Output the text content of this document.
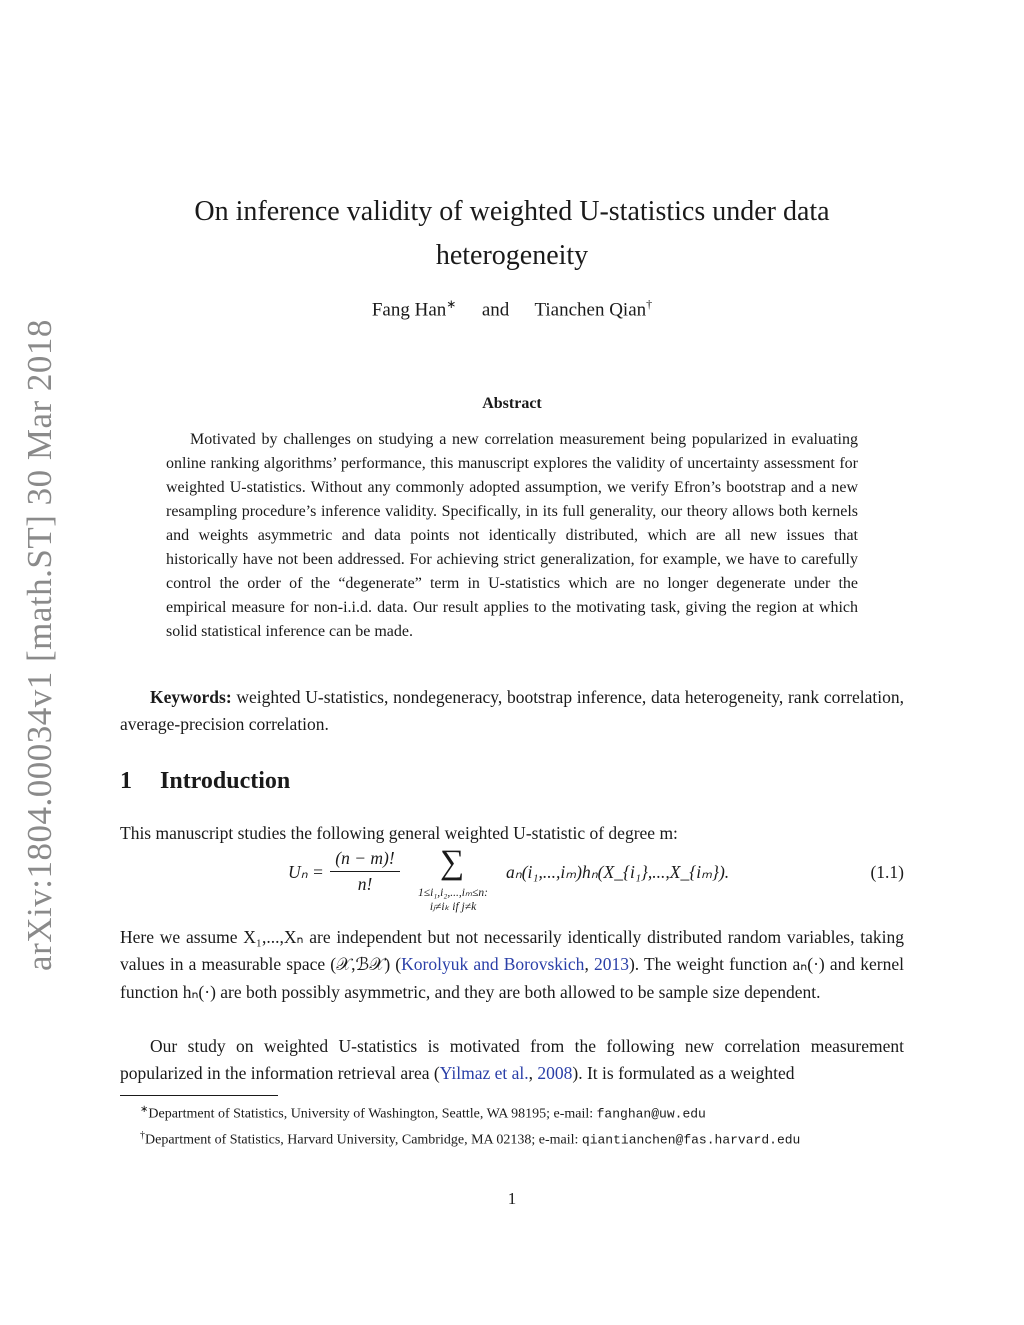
arXiv:1804.00034v1 [math.ST] 30 Mar 2018
On inference validity of weighted U-statistics under data heterogeneity
Fang Han∗ and Tianchen Qian†
Abstract
Motivated by challenges on studying a new correlation measurement being popularized in evaluating online ranking algorithms’ performance, this manuscript explores the validity of uncertainty assessment for weighted U-statistics. Without any commonly adopted assumption, we verify Efron’s bootstrap and a new resampling procedure’s inference validity. Specifically, in its full generality, our theory allows both kernels and weights asymmetric and data points not identically distributed, which are all new issues that historically have not been addressed. For achieving strict generalization, for example, we have to carefully control the order of the “degenerate” term in U-statistics which are no longer degenerate under the empirical measure for non-i.i.d. data. Our result applies to the motivating task, giving the region at which solid statistical inference can be made.
Keywords: weighted U-statistics, nondegeneracy, bootstrap inference, data heterogeneity, rank correlation, average-precision correlation.
1 Introduction
This manuscript studies the following general weighted U-statistic of degree m:
Uₙ =
(n − m)!
n!
∑
1≤i₁,i₂,...,iₘ≤n:
iⱼ≠iₖ if j≠k
aₙ(i₁,...,iₘ)hₙ(X_{i₁},...,X_{iₘ}).	(1.1)
Here we assume X₁,...,Xₙ are independent but not necessarily identically distributed random variables, taking values in a measurable space (𝒳,ℬ𝒳) (Korolyuk and Borovskich, 2013). The weight function aₙ(·) and kernel function hₙ(·) are both possibly asymmetric, and they are both allowed to be sample size dependent.
Our study on weighted U-statistics is motivated from the following new correlation measurement popularized in the information retrieval area (Yilmaz et al., 2008). It is formulated as a weighted
∗Department of Statistics, University of Washington, Seattle, WA 98195; e-mail: fanghan@uw.edu
†Department of Statistics, Harvard University, Cambridge, MA 02138; e-mail: qiantianchen@fas.harvard.edu
1
